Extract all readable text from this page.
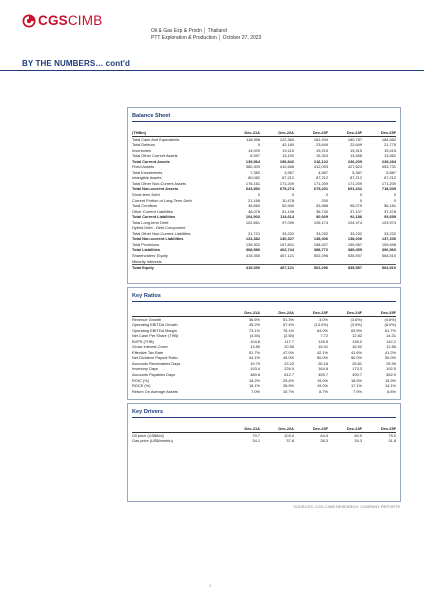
CGSCIMB
Oil & Gas Exp & Prodn │ Thailand
PTT Exploration & Production │ October 27, 2023
BY THE NUMBERS… cont'd
Balance Sheet
(THBm)	Dec-21A	Dec-22A	Dec-23F	Dec-24F	Dec-25F
Total Cash And Equivalents	118,958	122,360	181,934	180,787	184,582
Total Debtors	0	42,160	23,649	22,649	21,775
Inventories	14,009	19,115	19,215	19,315	19,415
Total Other Current Assets	6,597	13,192	15,324	13,458	13,562
Total Current Assets	139,564	196,842	216,122	236,209	239,284
Fixed Assets	380,309	412,668	412,093	427,623	453,731
Total Investments	7,382	3,967	4,687	5,387	5,887
Intangible Assets	80,082	87,212	87,212	87,212	87,212
Total Other Non-Current Assets	176,161	171,209	171,209	171,209	171,209
Total Non-current Assets	643,952	675,274	675,201	691,432	718,039
Short-term Debt	0	0	0	0	0
Current Portion of Long-Term Debt	21,166	10,478	200	0	0
Total Creditors	36,660	52,940	53,988	55,079	56,181
Other Current Liabilities	46,076	51,196	36,740	37,107	37,478
Total Current Liabilities	104,902	114,614	90,929	92,186	93,659
Total Long-term Debt	102,661	97,095	105,174	104,974	103,974
Hybrid Debt - Debt Component					
Total Other Non-Current Liabilities	21,721	33,232	33,232	33,232	33,232
Total Non-current Liabilities	124,382	130,327	138,406	138,206	137,206
Total Provisions	139,302	157,801	158,427	159,067	159,698
Total Liabilities	368,586	402,744	388,772	389,459	390,560
Shareholders' Equity	415,350	467,121	502,296	535,557	564,510
Minority Interests					
Total Equity	415,350	467,121	502,296	535,557	564,510
Key Ratios
	Dec-21A	Dec-22A	Dec-23F	Dec-24F	Dec-25F
Revenue Growth	36.6%	51.3%	3.0%	(3.6%)	(4.6%)
Operating EBITDA Growth	45.2%	57.4%	(13.4%)	(3.9%)	(8.0%)
Operating EBITDA Margin	73.1%	76.1%	64.0%	63.9%	61.7%
Net Cash Per Share (THB)	(4.55)	(2.55)	7.72	12.82	14.31
BVPS (THB)	104.6	117.7	126.5	135.0	142.2
Gross Interest Cover	13.89	20.56	15.41	16.92	12.85
Effective Tax Rate	51.7%	47.0%	42.1%	41.6%	41.2%
Net Dividend Payout Ratio	44.1%	45.0%	50.0%	50.0%	50.0%
Accounts Receivables Days	19.70	23.22	26.18	25.81	25.90
Inventory Days	193.4	226.9	164.8	173.3	192.5
Accounts Payables Days	480.8	612.7	459.7	490.7	552.0
ROIC (%)	18.2%	29.4%	19.0%	18.9%	15.9%
ROCE (%)	16.1%	26.9%	19.0%	17.1%	14.1%
Return On Average Assets	7.0%	10.7%	8.7%	7.9%	6.8%
Key Drivers
	Dec-21A	Dec-22A	Dec-23F	Dec-24F	Dec-25F
Oil price (US$/bbl)	70.7	103.0	84.4	80.0	75.0
Gas price (US$/mmbtu)	34.1	37.8	38.3	34.3	31.8
SOURCES: CGS-CIMB RESEARCH, COMPANY REPORTS
3
